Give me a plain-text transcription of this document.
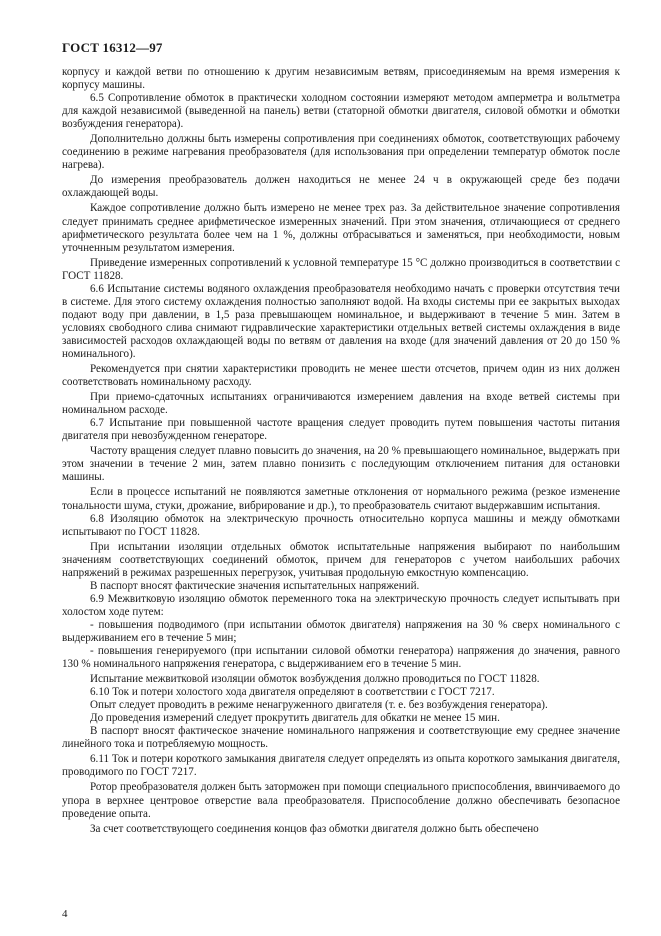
ГОСТ 16312—97

корпусу и каждой ветви по отношению к другим независимым ветвям, присоединяемым на время измерения к корпусу машины.

6.5 Сопротивление обмоток в практически холодном состоянии измеряют методом амперметра и вольтметра для каждой независимой (выведенной на панель) ветви (статорной обмотки двигателя, силовой обмотки и обмотки возбуждения генератора).

Дополнительно должны быть измерены сопротивления при соединениях обмоток, соответствующих рабочему соединению в режиме нагревания преобразователя (для использования при определении температур обмоток после нагрева).

До измерения преобразователь должен находиться не менее 24 ч в окружающей среде без подачи охлаждающей воды.

Каждое сопротивление должно быть измерено не менее трех раз. За действительное значение сопротивления следует принимать среднее арифметическое измеренных значений. При этом значения, отличающиеся от среднего арифметического результата более чем на 1 %, должны отбрасываться и заменяться, при необходимости, новым уточненным результатом измерения.

Приведение измеренных сопротивлений к условной температуре 15 °С должно производиться в соответствии с ГОСТ 11828.

6.6 Испытание системы водяного охлаждения преобразователя необходимо начать с проверки отсутствия течи в системе. Для этого систему охлаждения полностью заполняют водой. На входы системы при ее закрытых выходах подают воду при давлении, в 1,5 раза превышающем номинальное, и выдерживают в течение 5 мин. Затем в условиях свободного слива снимают гидравлические характеристики отдельных ветвей системы охлаждения в виде зависимостей расходов охлаждающей воды по ветвям от давления на входе (для значений давления от 20 до 150 % номинального).

Рекомендуется при снятии характеристики проводить не менее шести отсчетов, причем один из них должен соответствовать номинальному расходу.

При приемо-сдаточных испытаниях ограничиваются измерением давления на входе ветвей системы при номинальном расходе.

6.7 Испытание при повышенной частоте вращения следует проводить путем повышения частоты питания двигателя при невозбужденном генераторе.

Частоту вращения следует плавно повысить до значения, на 20 % превышающего номинальное, выдержать при этом значении в течение 2 мин, затем плавно понизить с последующим отключением питания для остановки машины.

Если в процессе испытаний не появляются заметные отклонения от нормального режима (резкое изменение тональности шума, стуки, дрожание, вибрирование и др.), то преобразователь считают выдержавшим испытания.

6.8 Изоляцию обмоток на электрическую прочность относительно корпуса машины и между обмотками испытывают по ГОСТ 11828.

При испытании изоляции отдельных обмоток испытательные напряжения выбирают по наибольшим значениям соответствующих соединений обмоток, причем для генераторов с учетом наибольших рабочих напряжений в режимах разрешенных перегрузок, учитывая продольную емкостную компенсацию.

В паспорт вносят фактические значения испытательных напряжений.

6.9 Межвитковую изоляцию обмоток переменного тока на электрическую прочность следует испытывать при холостом ходе путем:

- повышения подводимого (при испытании обмоток двигателя) напряжения на 30 % сверх номинального с выдерживанием его в течение 5 мин;

- повышения генерируемого (при испытании силовой обмотки генератора) напряжения до значения, равного 130 % номинального напряжения генератора, с выдерживанием его в течение 5 мин.

Испытание межвитковой изоляции обмоток возбуждения должно проводиться по ГОСТ 11828.

6.10 Ток и потери холостого хода двигателя определяют в соответствии с ГОСТ 7217.

Опыт следует проводить в режиме ненагруженного двигателя (т. е. без возбуждения генератора).

До проведения измерений следует прокрутить двигатель для обкатки не менее 15 мин.

В паспорт вносят фактическое значение номинального напряжения и соответствующие ему среднее значение линейного тока и потребляемую мощность.

6.11 Ток и потери короткого замыкания двигателя следует определять из опыта короткого замыкания двигателя, проводимого по ГОСТ 7217.

Ротор преобразователя должен быть заторможен при помощи специального приспособления, ввинчиваемого до упора в верхнее центровое отверстие вала преобразователя. Приспособление должно обеспечивать безопасное проведение опыта.

За счет соответствующего соединения концов фаз обмотки двигателя должно быть обеспечено

4
